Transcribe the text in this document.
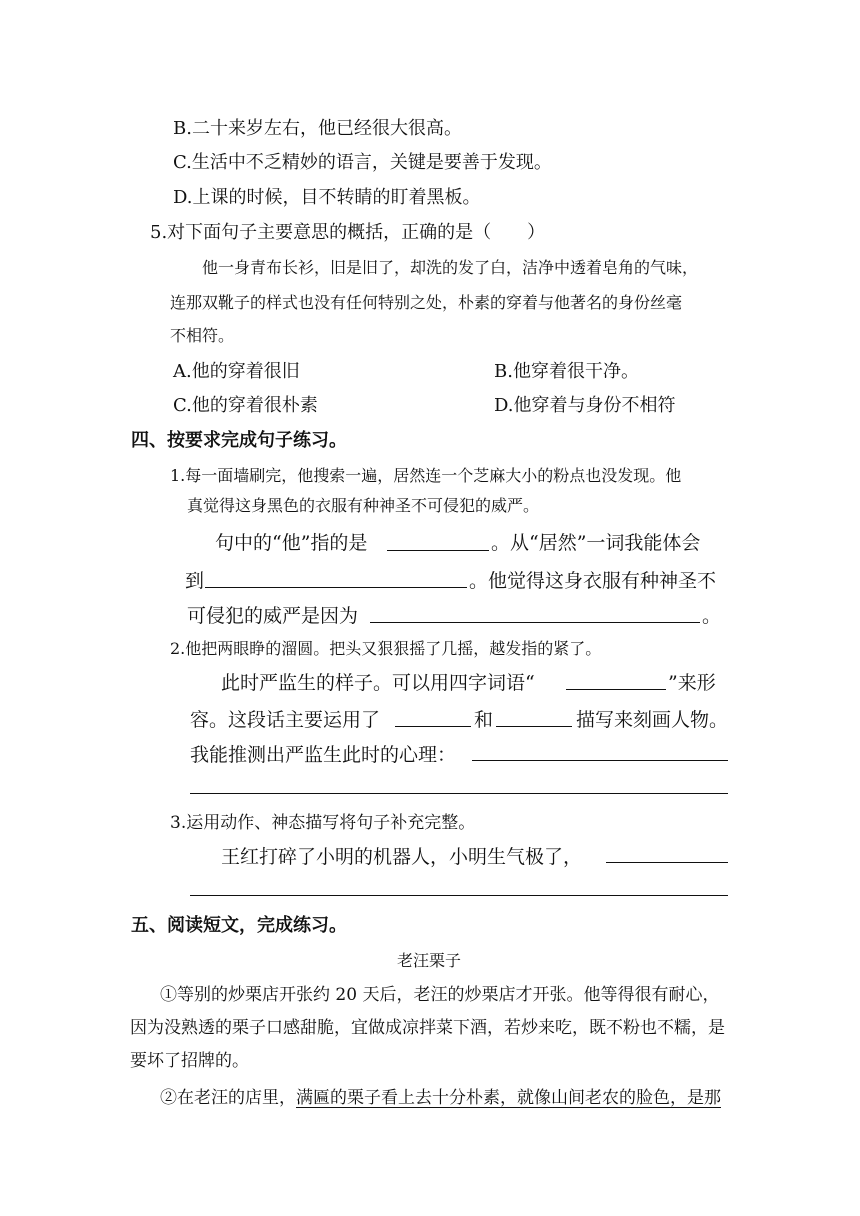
B.二十来岁左右，他已经很大很高。
C.生活中不乏精妙的语言，关键是要善于发现。
D.上课的时候，目不转睛的盯着黑板。
5.对下面句子主要意思的概括，正确的是（　　）
他一身青布长衫，旧是旧了，却洗的发了白，洁净中透着皂角的气味，
连那双靴子的样式也没有任何特别之处，朴素的穿着与他著名的身份丝毫
不相符。
A.他的穿着很旧	B.他穿着很干净。
C.他的穿着很朴素	D.他穿着与身份不相符
四、按要求完成句子练习。
1.每一面墙刷完，他搜索一遍，居然连一个芝麻大小的粉点也没发现。他
真觉得这身黑色的衣服有种神圣不可侵犯的威严。
句中的“他”指的是	。从“居然”一词我能体会
到	。他觉得这身衣服有种神圣不
可侵犯的威严是因为	。
2.他把两眼睁的溜圆。把头又狠狠摇了几摇，越发指的紧了。
此时严监生的样子。可以用四字词语“	”来形
容。这段话主要运用了	和	描写来刻画人物。
我能推测出严监生此时的心理：
3.运用动作、神态描写将句子补充完整。
王红打碎了小明的机器人，小明生气极了，
五、阅读短文，完成练习。
老汪栗子
①等别的炒栗店开张约 20 天后，老汪的炒栗店才开张。他等得很有耐心，
因为没熟透的栗子口感甜脆，宜做成凉拌菜下酒，若炒来吃，既不粉也不糯，是
要坏了招牌的。
②在老汪的店里，满匾的栗子看上去十分朴素，就像山间老农的脸色，是那
